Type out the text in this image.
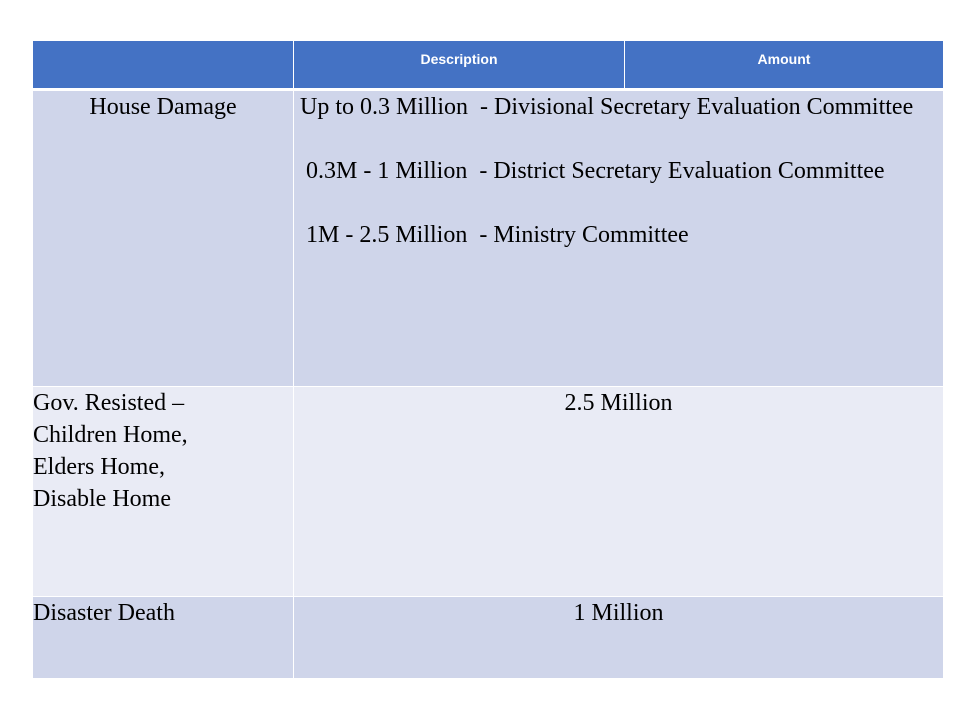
	Description	Amount
House Damage	Up to 0.3 Million  - Divisional Secretary Evaluation Committee

0.3M - 1 Million  - District Secretary Evaluation Committee

1M - 2.5 Million  - Ministry Committee	

Gov. Resisted –
Children Home,
Elders Home,
Disable Home	2.5 Million	
Disaster Death	1 Million	
